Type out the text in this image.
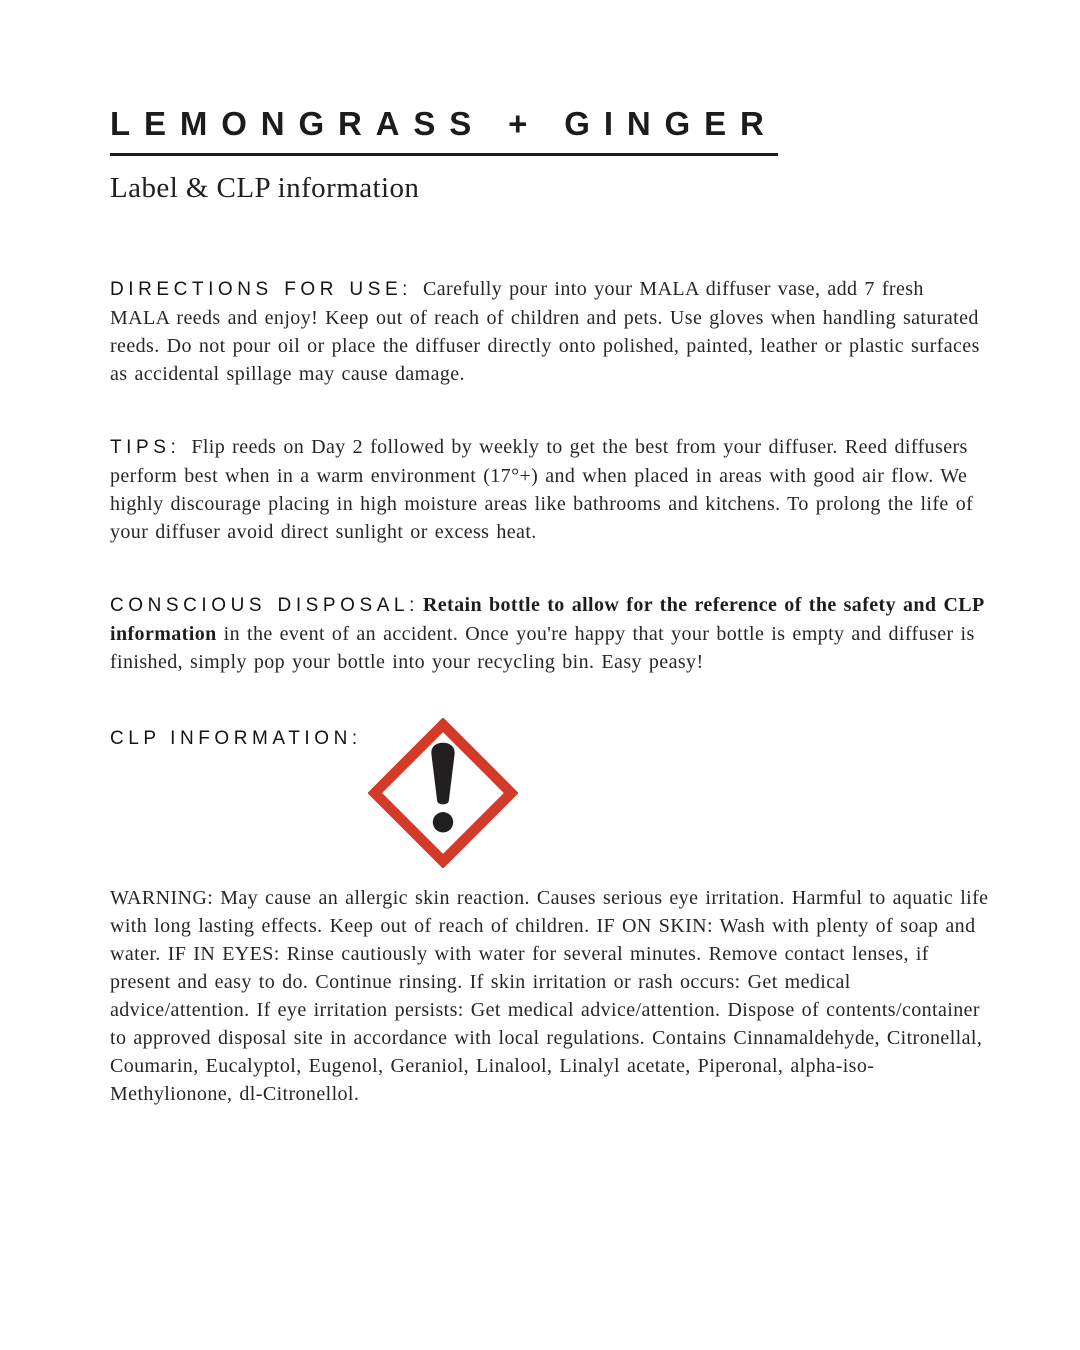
LEMONGRASS + GINGER
Label & CLP information

DIRECTIONS FOR USE: Carefully pour into your MALA diffuser vase, add 7 fresh MALA reeds and enjoy! Keep out of reach of children and pets. Use gloves when handling saturated reeds. Do not pour oil or place the diffuser directly onto polished, painted, leather or plastic surfaces as accidental spillage may cause damage.

TIPS: Flip reeds on Day 2 followed by weekly to get the best from your diffuser. Reed diffusers perform best when in a warm environment (17°+) and when placed in areas with good air flow. We highly discourage placing in high moisture areas like bathrooms and kitchens. To prolong the life of your diffuser avoid direct sunlight or excess heat.

CONSCIOUS DISPOSAL: Retain bottle to allow for the reference of the safety and CLP information in the event of an accident. Once you're happy that your bottle is empty and diffuser is finished, simply pop your bottle into your recycling bin. Easy peasy!

CLP INFORMATION:

WARNING: May cause an allergic skin reaction. Causes serious eye irritation. Harmful to aquatic life with long lasting effects. Keep out of reach of children. IF ON SKIN: Wash with plenty of soap and water. IF IN EYES: Rinse cautiously with water for several minutes. Remove contact lenses, if present and easy to do. Continue rinsing. If skin irritation or rash occurs: Get medical advice/attention. If eye irritation persists: Get medical advice/attention. Dispose of contents/container to approved disposal site in accordance with local regulations. Contains Cinnamaldehyde, Citronellal, Coumarin, Eucalyptol, Eugenol, Geraniol, Linalool, Linalyl acetate, Piperonal, alpha-iso-Methylionone, dl-Citronellol.
